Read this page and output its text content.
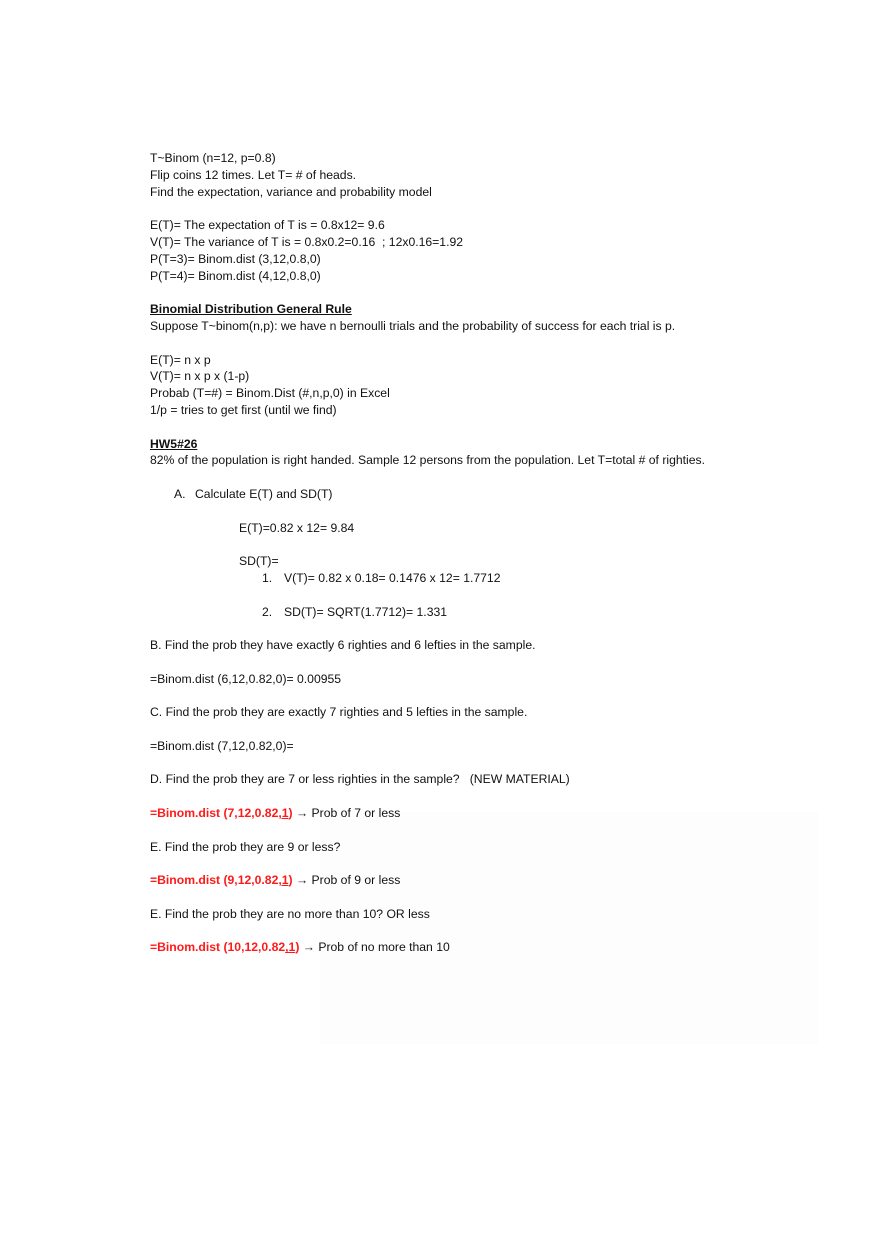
T~Binom (n=12, p=0.8)
Flip coins 12 times. Let T= # of heads.
Find the expectation, variance and probability model
E(T)= The expectation of T is = 0.8x12= 9.6
V(T)= The variance of T is = 0.8x0.2=0.16  ; 12x0.16=1.92
P(T=3)= Binom.dist (3,12,0.8,0)
P(T=4)= Binom.dist (4,12,0.8,0)
Binomial Distribution General Rule
Suppose T~binom(n,p): we have n bernoulli trials and the probability of success for each trial is p.
E(T)= n x p
V(T)= n x p x (1-p)
Probab (T=#) = Binom.Dist (#,n,p,0) in Excel
1/p = tries to get first (until we find)
HW5#26
82% of the population is right handed. Sample 12 persons from the population. Let T=total # of righties.
A. Calculate E(T) and SD(T)
E(T)=0.82 x 12= 9.84
SD(T)=
1. V(T)= 0.82 x 0.18= 0.1476 x 12= 1.7712
2. SD(T)= SQRT(1.7712)= 1.331
B. Find the prob they have exactly 6 righties and 6 lefties in the sample.
=Binom.dist (6,12,0.82,0)= 0.00955
C. Find the prob they are exactly 7 righties and 5 lefties in the sample.
=Binom.dist (7,12,0.82,0)=
D. Find the prob they are 7 or less righties in the sample?   (NEW MATERIAL)
=Binom.dist (7,12,0.82,1) → Prob of 7 or less
E. Find the prob they are 9 or less?
=Binom.dist (9,12,0.82,1) → Prob of 9 or less
E. Find the prob they are no more than 10? OR less
=Binom.dist (10,12,0.82,1) → Prob of no more than 10
